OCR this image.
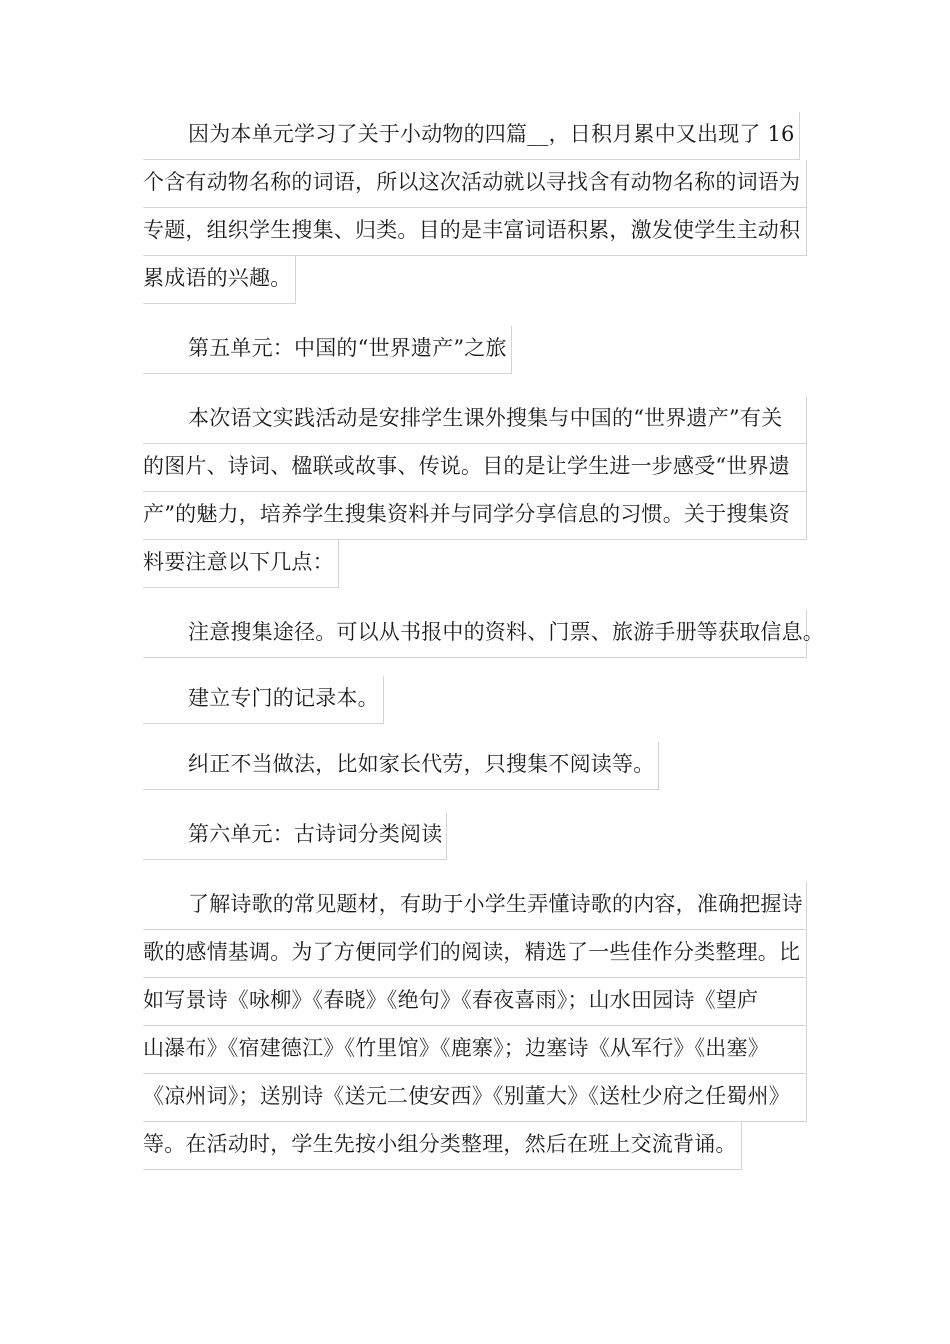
因为本单元学习了关于小动物的四篇__，日积月累中又出现了 16
个含有动物名称的词语，所以这次活动就以寻找含有动物名称的词语为
专题，组织学生搜集、归类。目的是丰富词语积累，激发使学生主动积
累成语的兴趣。
第五单元：中国的“世界遗产”之旅
本次语文实践活动是安排学生课外搜集与中国的“世界遗产”有关
的图片、诗词、楹联或故事、传说。目的是让学生进一步感受“世界遗
产”的魅力，培养学生搜集资料并与同学分享信息的习惯。关于搜集资
料要注意以下几点：
注意搜集途径。可以从书报中的资料、门票、旅游手册等获取信息。
建立专门的记录本。
纠正不当做法，比如家长代劳，只搜集不阅读等。
第六单元：古诗词分类阅读
了解诗歌的常见题材，有助于小学生弄懂诗歌的内容，准确把握诗
歌的感情基调。为了方便同学们的阅读，精选了一些佳作分类整理。比
如写景诗《咏柳》《春晓》《绝句》《春夜喜雨》；山水田园诗《望庐
山瀑布》《宿建德江》《竹里馆》《鹿寨》；边塞诗《从军行》《出塞》
《凉州词》；送别诗《送元二使安西》《别董大》《送杜少府之任蜀州》
等。在活动时，学生先按小组分类整理，然后在班上交流背诵。
